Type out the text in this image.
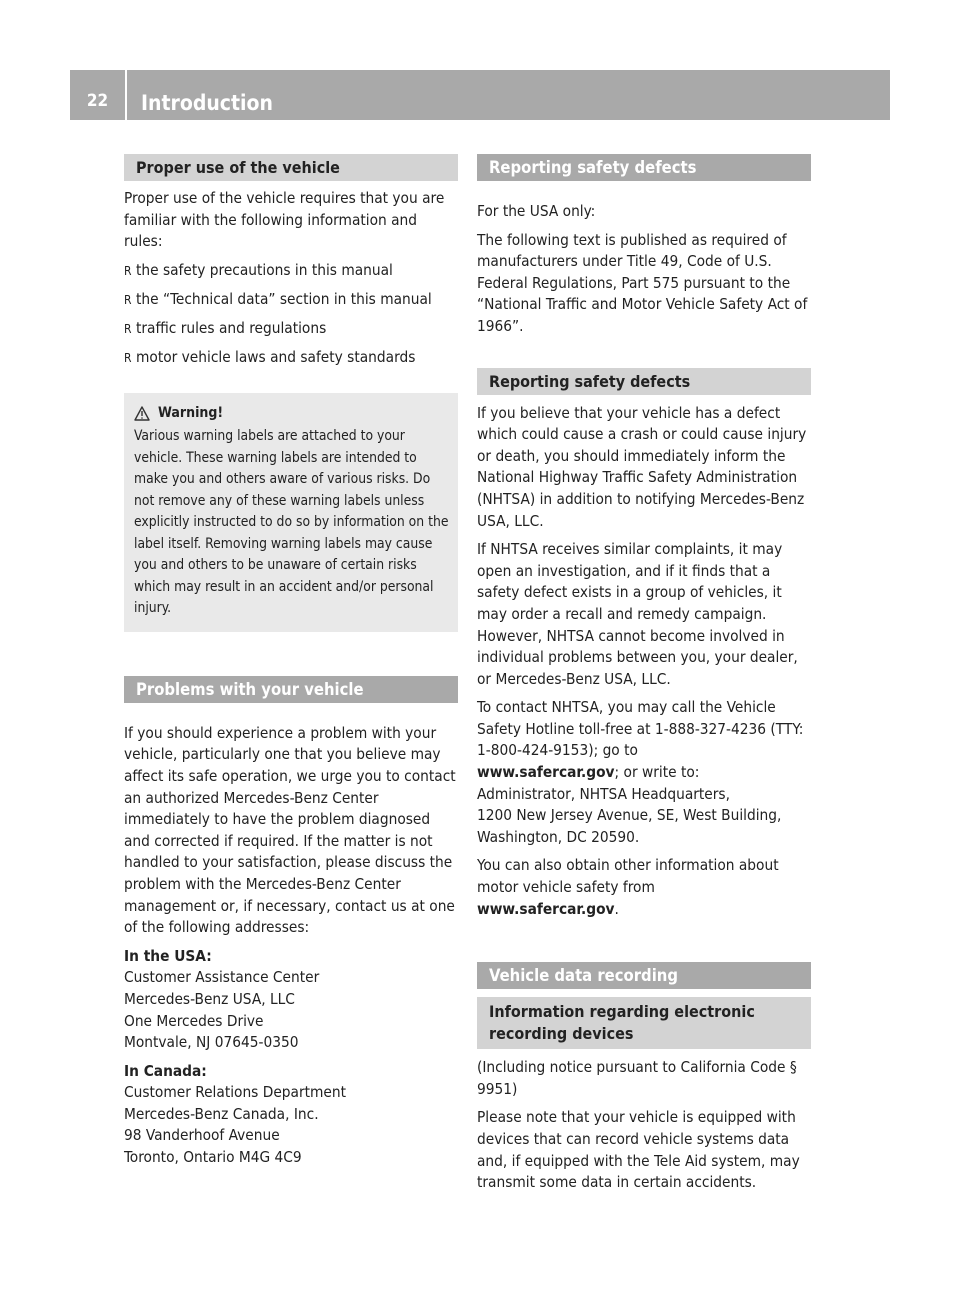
22	Introduction
Proper use of the vehicle

Proper use of the vehicle requires that you are familiar with the following information and rules:

R the safety precautions in this manual
R the “Technical data” section in this manual
R traffic rules and regulations
R motor vehicle laws and safety standards
Warning!

Various warning labels are attached to your vehicle. These warning labels are intended to make you and others aware of various risks. Do not remove any of these warning labels unless explicitly instructed to do so by information on the label itself. Removing warning labels may cause you and others to be unaware of certain risks which may result in an accident and/or personal injury.

Problems with your vehicle

If you should experience a problem with your vehicle, particularly one that you believe may affect its safe operation, we urge you to contact an authorized Mercedes-Benz Center immediately to have the problem diagnosed and corrected if required. If the matter is not handled to your satisfaction, please discuss the problem with the Mercedes-Benz Center management or, if necessary, contact us at one of the following addresses:

In the USA:

Customer Assistance Center

Mercedes-Benz USA, LLC

One Mercedes Drive

Montvale, NJ 07645-0350

In Canada:

Customer Relations Department

Mercedes-Benz Canada, Inc.

98 Vanderhoof Avenue

Toronto, Ontario M4G 4C9

Reporting safety defects

For the USA only:

The following text is published as required of manufacturers under Title 49, Code of U.S. Federal Regulations, Part 575 pursuant to the “National Traffic and Motor Vehicle Safety Act of 1966”.

Reporting safety defects

If you believe that your vehicle has a defect which could cause a crash or could cause injury or death, you should immediately inform the National Highway Traffic Safety Administration (NHTSA) in addition to notifying Mercedes-Benz USA, LLC.

If NHTSA receives similar complaints, it may open an investigation, and if it finds that a safety defect exists in a group of vehicles, it may order a recall and remedy campaign. However, NHTSA cannot become involved in individual problems between you, your dealer, or Mercedes-Benz USA, LLC.

To contact NHTSA, you may call the Vehicle Safety Hotline toll-free at 1-888-327-4236 (TTY: 1-800-424-9153); go to
www.safercar.gov; or write to:

Administrator, NHTSA Headquarters,

1200 New Jersey Avenue, SE, West Building,

Washington, DC 20590.

You can also obtain other information about motor vehicle safety from
www.safercar.gov.

Vehicle data recording
Information regarding electronic recording devices

(Including notice pursuant to California Code § 9951)

Please note that your vehicle is equipped with devices that can record vehicle systems data and, if equipped with the Tele Aid system, may transmit some data in certain accidents.
